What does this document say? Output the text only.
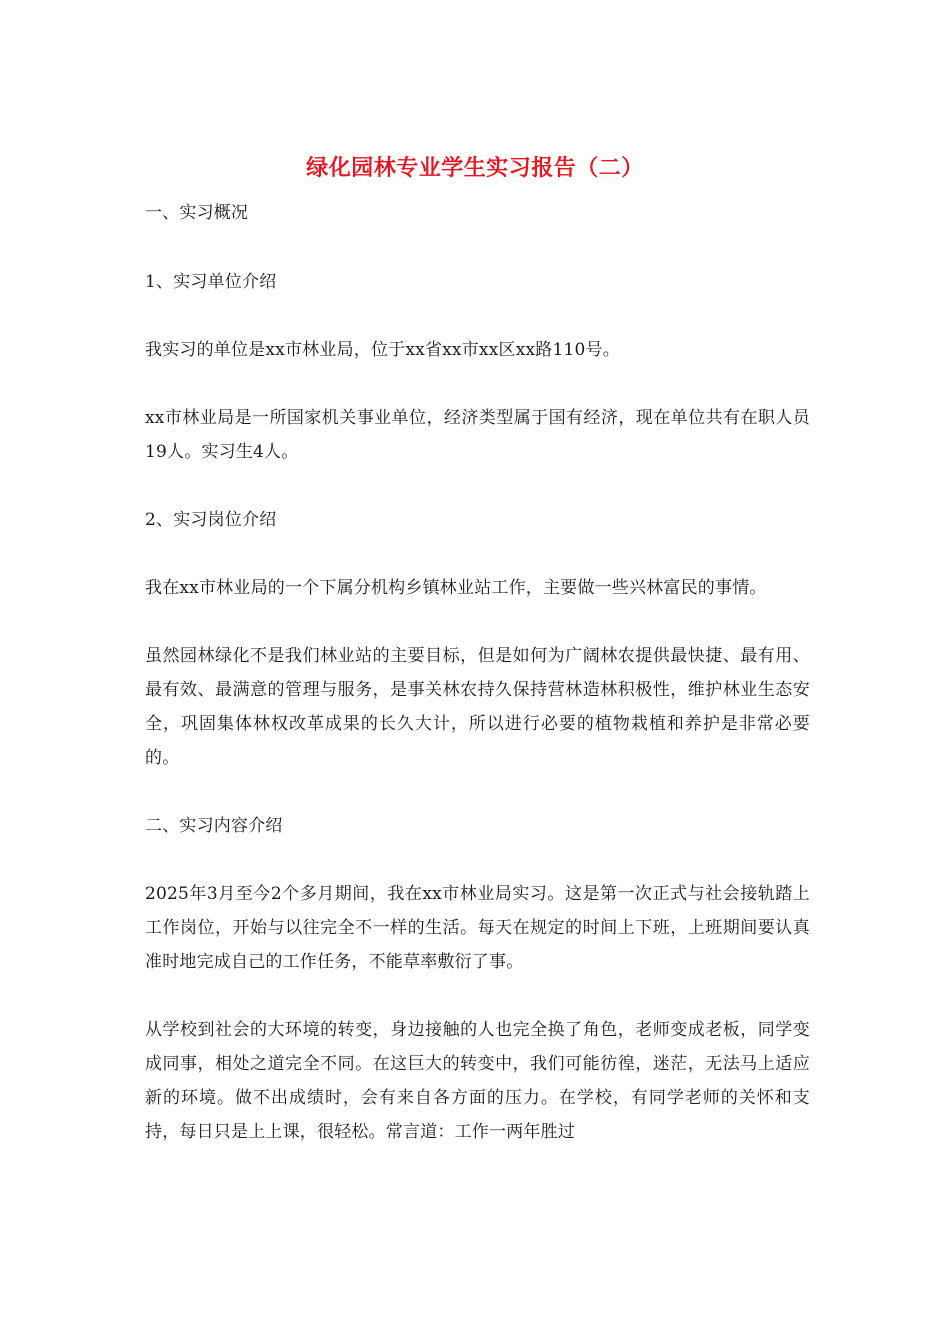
绿化园林专业学生实习报告（二）

一、实习概况

1、实习单位介绍

我实习的单位是xx市林业局，位于xx省xx市xx区xx路110号。

xx市林业局是一所国家机关事业单位，经济类型属于国有经济，现在单位共有在职人员19人。实习生4人。

2、实习岗位介绍

我在xx市林业局的一个下属分机构乡镇林业站工作，主要做一些兴林富民的事情。

虽然园林绿化不是我们林业站的主要目标，但是如何为广阔林农提供最快捷、最有用、最有效、最满意的管理与服务，是事关林农持久保持营林造林积极性，维护林业生态安全，巩固集体林权改革成果的长久大计，所以进行必要的植物栽植和养护是非常必要的。

二、实习内容介绍

2025年3月至今2个多月期间，我在xx市林业局实习。这是第一次正式与社会接轨踏上工作岗位，开始与以往完全不一样的生活。每天在规定的时间上下班，上班期间要认真准时地完成自己的工作任务，不能草率敷衍了事。

从学校到社会的大环境的转变，身边接触的人也完全换了角色，老师变成老板，同学变成同事，相处之道完全不同。在这巨大的转变中，我们可能彷徨，迷茫，无法马上适应新的环境。做不出成绩时，会有来自各方面的压力。在学校，有同学老师的关怀和支持，每日只是上上课，很轻松。常言道：工作一两年胜过
